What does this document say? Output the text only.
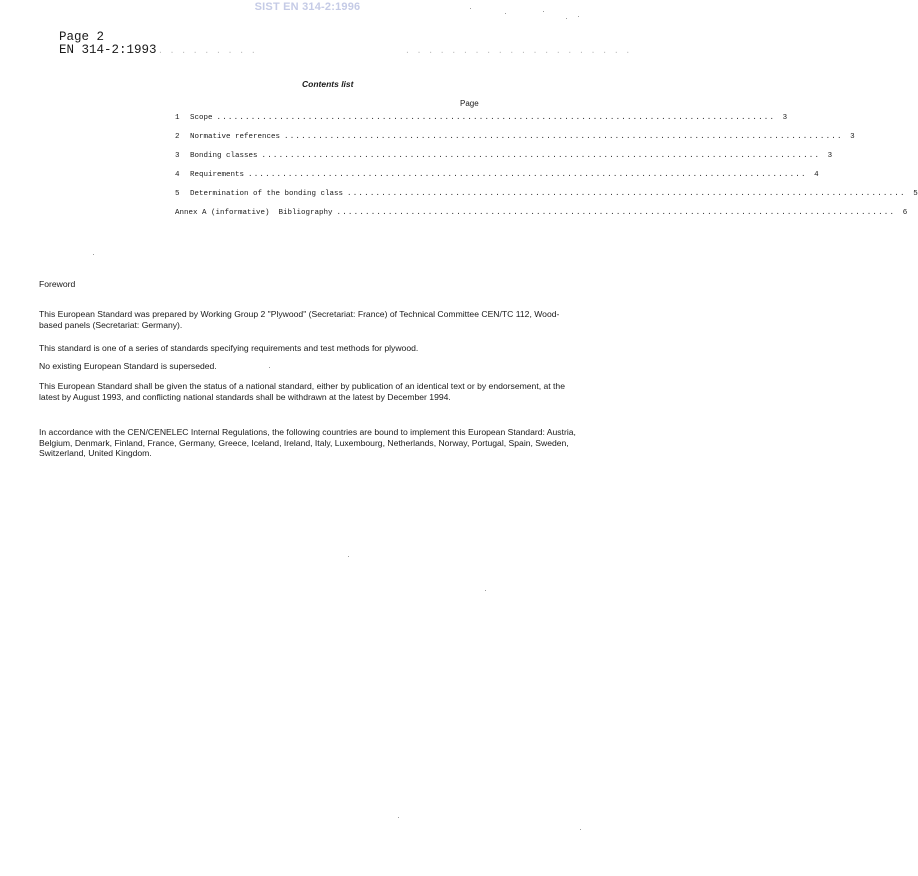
SIST EN 314-2:1996
Page 2
EN 314-2:1993 . . . . . . . . .	. . . . . . . . . . . . . . . . . . . .
Contents list
Page
1	Scope .................................................................................................. 3
2	Normative references .................................................................................................. 3
3	Bonding classes .................................................................................................. 3
4	Requirements .................................................................................................. 4
5	Determination of the bonding class .................................................................................................. 5
Annex A (informative)  Bibliography .................................................................................................. 6
Foreword

This European Standard was prepared by Working Group 2 "Plywood" (Secretariat: France) of Technical Committee CEN/TC 112, Wood-based panels (Secretariat: Germany).

This standard is one of a series of standards specifying requirements and test methods for plywood.

No existing European Standard is superseded.

This European Standard shall be given the status of a national standard, either by publication of an identical text or by endorsement, at the latest by August 1993, and conflicting national standards shall be withdrawn at the latest by December 1994.

In accordance with the CEN/CENELEC Internal Regulations, the following countries are bound to implement this European Standard: Austria, Belgium, Denmark, Finland, France, Germany, Greece, Iceland, Ireland, Italy, Luxembourg, Netherlands, Norway, Portugal, Spain, Sweden, Switzerland, United Kingdom.
